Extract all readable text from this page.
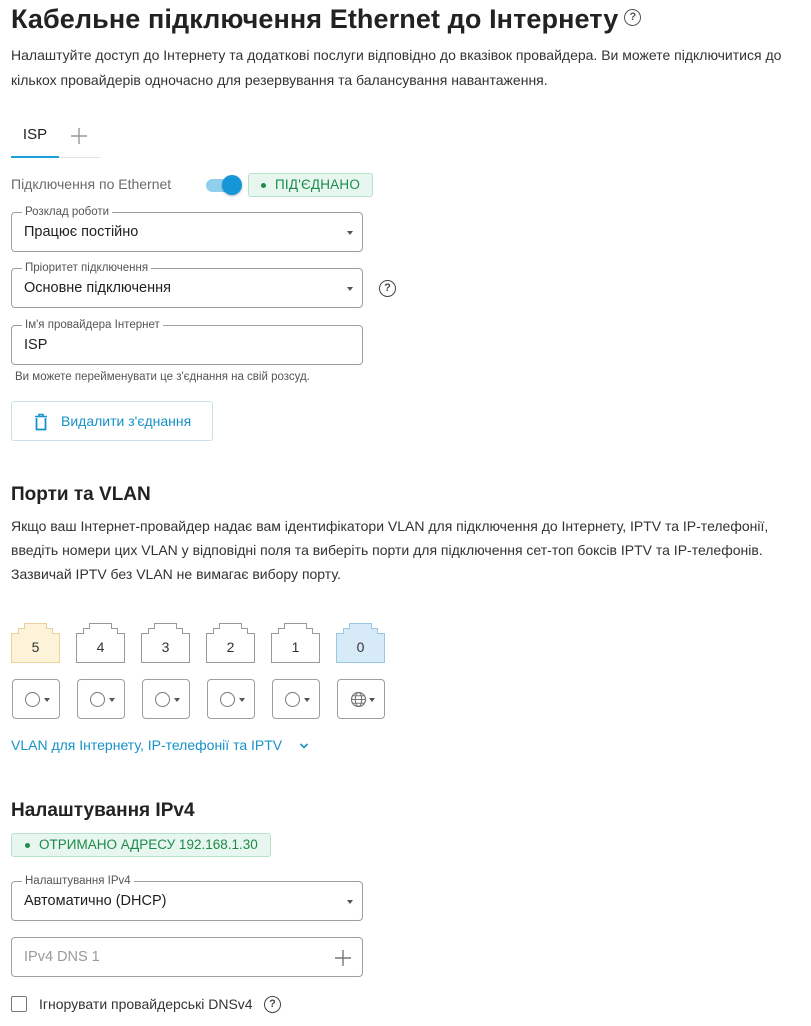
Кабельне підключення Ethernet до Інтернету ?
Налаштуйте доступ до Інтернету та додаткові послуги відповідно до вказівок провайдера. Ви можете підключитися до кількох провайдерів одночасно для резервування та балансування навантаження.
ISP
Підключення по Ethernet	ПІД'ЄДНАНО
Розклад роботи
Працює постійно
Пріоритет підключення
Основне підключення	?
Ім'я провайдера Інтернет
ISP
Ви можете перейменувати це з'єднання на свій розсуд.
Видалити з'єднання
Порти та VLAN
Якщо ваш Інтернет-провайдер надає вам ідентифікатори VLAN для підключення до Інтернету, IPTV та IP-телефонії, введіть номери цих VLAN у відповідні поля та виберіть порти для підключення сет-топ боксів IPTV та IP-телефонів. Зазвичай IPTV без VLAN не вимагає вибору порту.
5	4	3	2	1	0
VLAN для Інтернету, IP-телефонії та IPTV
Налаштування IPv4
ОТРИМАНО АДРЕСУ 192.168.1.30
Налаштування IPv4
Автоматично (DHCP)
IPv4 DNS 1
Ігнорувати провайдерські DNSv4	?
